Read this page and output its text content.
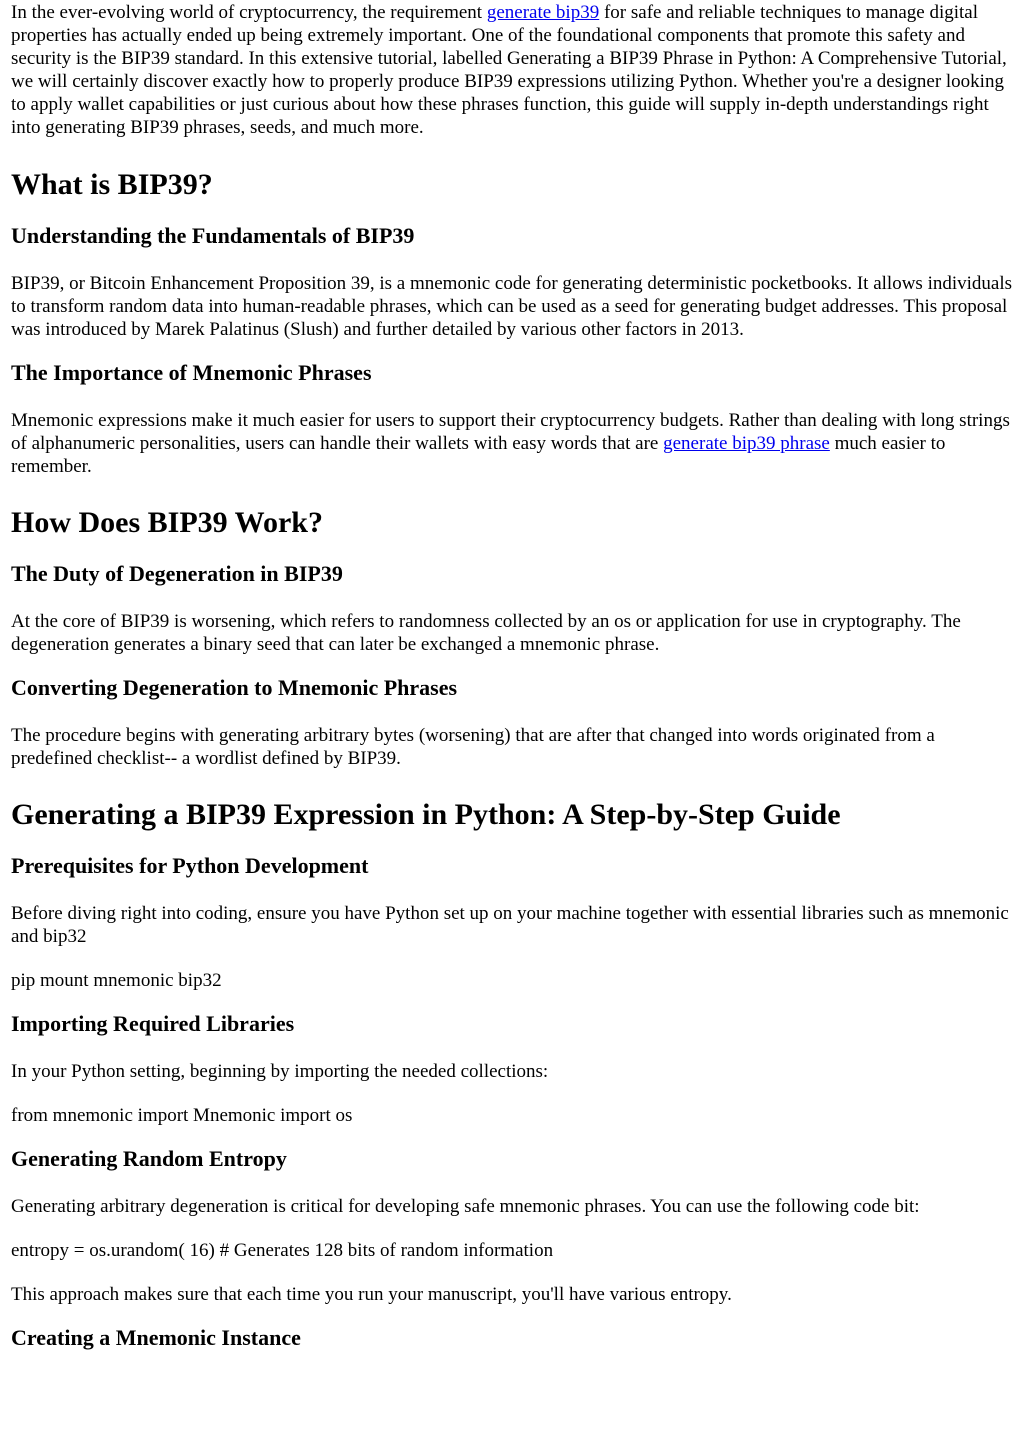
In the ever-evolving world of cryptocurrency, the requirement generate bip39 for safe and reliable techniques to manage digital properties has actually ended up being extremely important. One of the foundational components that promote this safety and security is the BIP39 standard. In this extensive tutorial, labelled Generating a BIP39 Phrase in Python: A Comprehensive Tutorial, we will certainly discover exactly how to properly produce BIP39 expressions utilizing Python. Whether you're a designer looking to apply wallet capabilities or just curious about how these phrases function, this guide will supply in-depth understandings right into generating BIP39 phrases, seeds, and much more.

What is BIP39?
Understanding the Fundamentals of BIP39

BIP39, or Bitcoin Enhancement Proposition 39, is a mnemonic code for generating deterministic pocketbooks. It allows individuals to transform random data into human-readable phrases, which can be used as a seed for generating budget addresses. This proposal was introduced by Marek Palatinus (Slush) and further detailed by various other factors in 2013.

The Importance of Mnemonic Phrases

Mnemonic expressions make it much easier for users to support their cryptocurrency budgets. Rather than dealing with long strings of alphanumeric personalities, users can handle their wallets with easy words that are generate bip39 phrase much easier to remember.

How Does BIP39 Work?
The Duty of Degeneration in BIP39

At the core of BIP39 is worsening, which refers to randomness collected by an os or application for use in cryptography. The degeneration generates a binary seed that can later be exchanged a mnemonic phrase.

Converting Degeneration to Mnemonic Phrases

The procedure begins with generating arbitrary bytes (worsening) that are after that changed into words originated from a predefined checklist-- a wordlist defined by BIP39.

Generating a BIP39 Expression in Python: A Step-by-Step Guide
Prerequisites for Python Development

Before diving right into coding, ensure you have Python set up on your machine together with essential libraries such as mnemonic and bip32

pip mount mnemonic bip32

Importing Required Libraries

In your Python setting, beginning by importing the needed collections:

from mnemonic import Mnemonic import os

Generating Random Entropy

Generating arbitrary degeneration is critical for developing safe mnemonic phrases. You can use the following code bit:

entropy = os.urandom( 16) # Generates 128 bits of random information

This approach makes sure that each time you run your manuscript, you'll have various entropy.

Creating a Mnemonic Instance
